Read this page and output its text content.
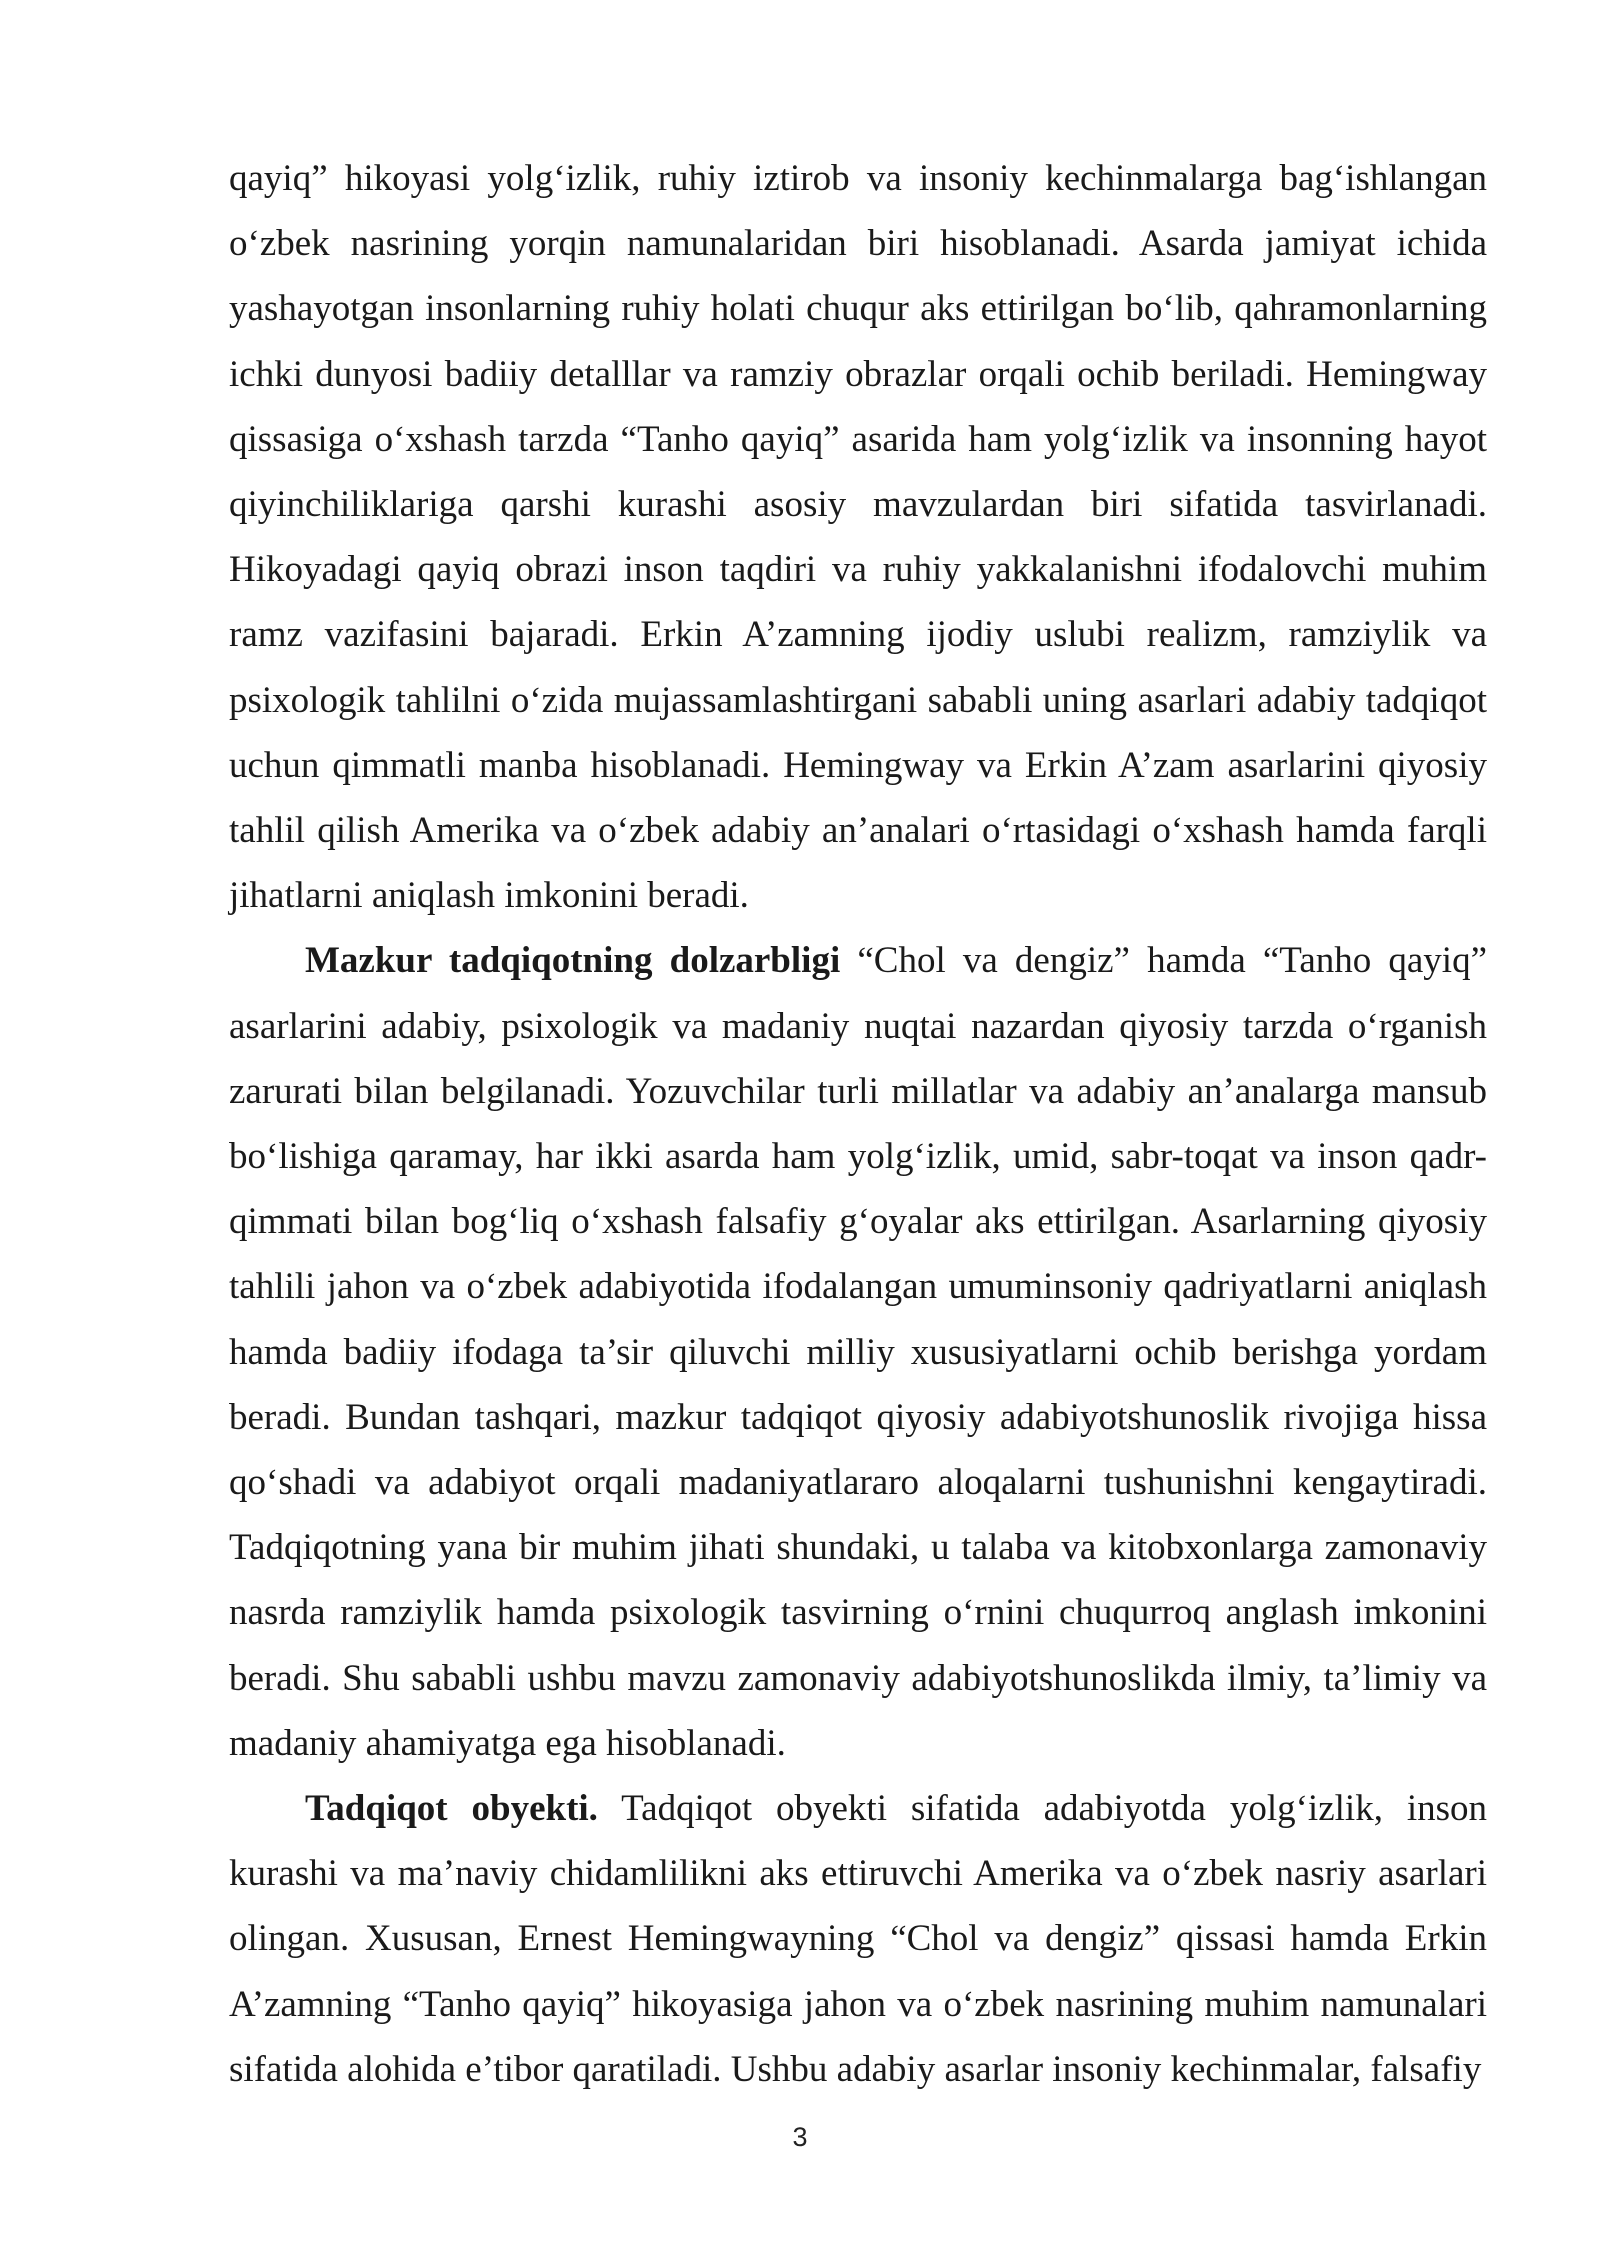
qayiq” hikoyasi yolg‘izlik, ruhiy iztirob va insoniy kechinmalarga bag‘ishlangan o‘zbek nasrining yorqin namunalaridan biri hisoblanadi. Asarda jamiyat ichida yashayotgan insonlarning ruhiy holati chuqur aks ettirilgan bo‘lib, qahramonlarning ichki dunyosi badiiy detalllar va ramziy obrazlar orqali ochib beriladi. Hemingway qissasiga o‘xshash tarzda “Tanho qayiq” asarida ham yolg‘izlik va insonning hayot qiyinchiliklariga qarshi kurashi asosiy mavzulardan biri sifatida tasvirlanadi. Hikoyadagi qayiq obrazi inson taqdiri va ruhiy yakkalanishni ifodalovchi muhim ramz vazifasini bajaradi. Erkin A’zamning ijodiy uslubi realizm, ramziylik va psixologik tahlilni o‘zida mujassamlashtirgani sababli uning asarlari adabiy tadqiqot uchun qimmatli manba hisoblanadi. Hemingway va Erkin A’zam asarlarini qiyosiy tahlil qilish Amerika va o‘zbek adabiy an’analari o‘rtasidagi o‘xshash hamda farqli jihatlarni aniqlash imkonini beradi.

Mazkur tadqiqotning dolzarbligi “Chol va dengiz” hamda “Tanho qayiq” asarlarini adabiy, psixologik va madaniy nuqtai nazardan qiyosiy tarzda o‘rganish zarurati bilan belgilanadi. Yozuvchilar turli millatlar va adabiy an’analarga mansub bo‘lishiga qaramay, har ikki asarda ham yolg‘izlik, umid, sabr-toqat va inson qadr-qimmati bilan bog‘liq o‘xshash falsafiy g‘oyalar aks ettirilgan. Asarlarning qiyosiy tahlili jahon va o‘zbek adabiyotida ifodalangan umuminsoniy qadriyatlarni aniqlash hamda badiiy ifodaga ta’sir qiluvchi milliy xususiyatlarni ochib berishga yordam beradi. Bundan tashqari, mazkur tadqiqot qiyosiy adabiyotshunoslik rivojiga hissa qo‘shadi va adabiyot orqali madaniyatlararo aloqalarni tushunishni kengaytiradi. Tadqiqotning yana bir muhim jihati shundaki, u talaba va kitobxonlarga zamonaviy nasrda ramziylik hamda psixologik tasvirning o‘rnini chuqurroq anglash imkonini beradi. Shu sababli ushbu mavzu zamonaviy adabiyotshunoslikda ilmiy, ta’limiy va madaniy ahamiyatga ega hisoblanadi.

Tadqiqot obyekti. Tadqiqot obyekti sifatida adabiyotda yolg‘izlik, inson kurashi va ma’naviy chidamlilikni aks ettiruvchi Amerika va o‘zbek nasriy asarlari olingan. Xususan, Ernest Hemingwayning “Chol va dengiz” qissasi hamda Erkin A’zamning “Tanho qayiq” hikoyasiga jahon va o‘zbek nasrining muhim namunalari sifatida alohida e’tibor qaratiladi. Ushbu adabiy asarlar insoniy kechinmalar, falsafiy

3
